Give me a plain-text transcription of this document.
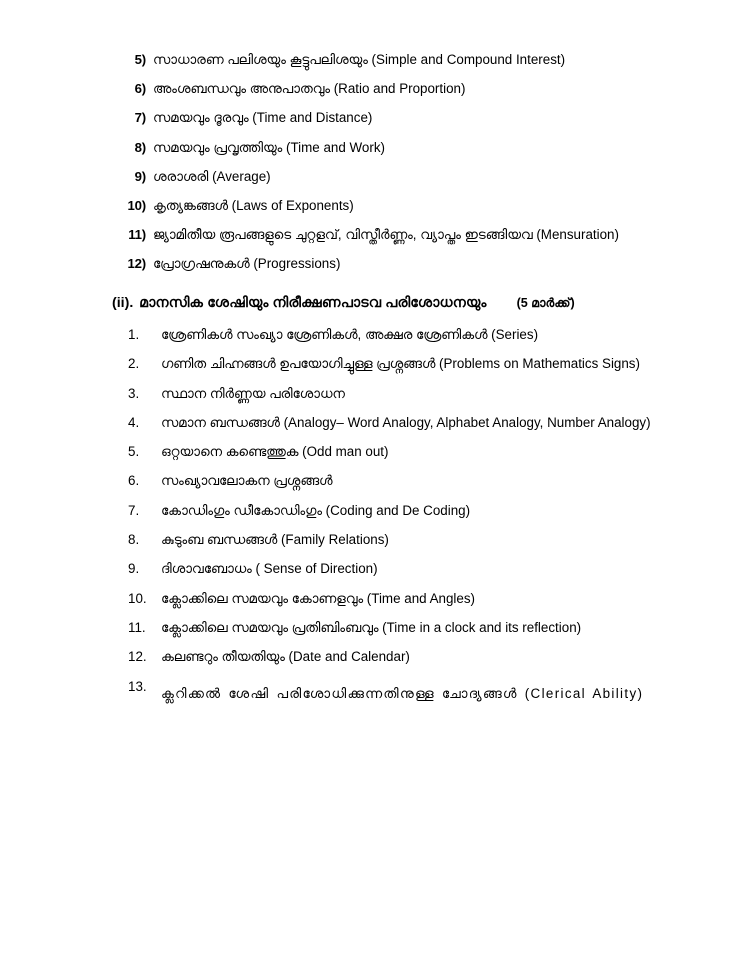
5) സാധാരണ പലിശയും കൂട്ടുപലിശയും (Simple and Compound Interest)
6) അംശബന്ധവും അനുപാതവും (Ratio and Proportion)
7) സമയവും ദൂരവും (Time and Distance)
8) സമയവും പ്രവൃത്തിയും (Time and Work)
9) ശരാശരി (Average)
10) കൃത്യങ്കങ്ങൾ (Laws of Exponents)
11) ജ്യാമിതീയ രൂപങ്ങളുടെ ചുറ്റളവ്, വിസ്തീർണ്ണം, വ്യാപ്തം ഇടങ്ങിയവ (Mensuration)
12) പ്രോഗ്രഷനുകൾ (Progressions)
(ii). മാനസിക ശേഷിയും നിരീക്ഷണപാടവ പരിശോധനയും	(5 മാർക്ക്)
1.	ശ്രേണികൾ സംഖ്യാ ശ്രേണികൾ, അക്ഷര ശ്രേണികൾ (Series)
2.	ഗണിത ചിഹ്നങ്ങൾ ഉപയോഗിച്ചുള്ള പ്രശ്നങ്ങൾ (Problems on Mathematics Signs)
3.	സ്ഥാന നിർണ്ണയ പരിശോധന
4.	സമാന ബന്ധങ്ങൾ (Analogy– Word Analogy, Alphabet Analogy, Number Analogy)
5.	ഒറ്റയാനെ കണ്ടെത്തുക (Odd man out)
6.	സംഖ്യാവലോകന പ്രശ്നങ്ങൾ
7.	കോഡിംഗും ഡീകോഡിംഗും (Coding and De Coding)
8.	കുടുംബ ബന്ധങ്ങൾ (Family Relations)
9.	ദിശാവബോധം ( Sense of Direction)
10.	ക്ലോക്കിലെ സമയവും കോണളവും (Time and Angles)
11.	ക്ലോക്കിലെ സമയവും പ്രതിബിംബവും (Time in a clock and its reflection)
12.	കലണ്ടറും തീയതിയും (Date and Calendar)
13.	ക്ലറിക്കൽ ശേഷി പരിശോധിക്കുന്നതിനുള്ള ചോദ്യങ്ങൾ (Clerical Ability)
